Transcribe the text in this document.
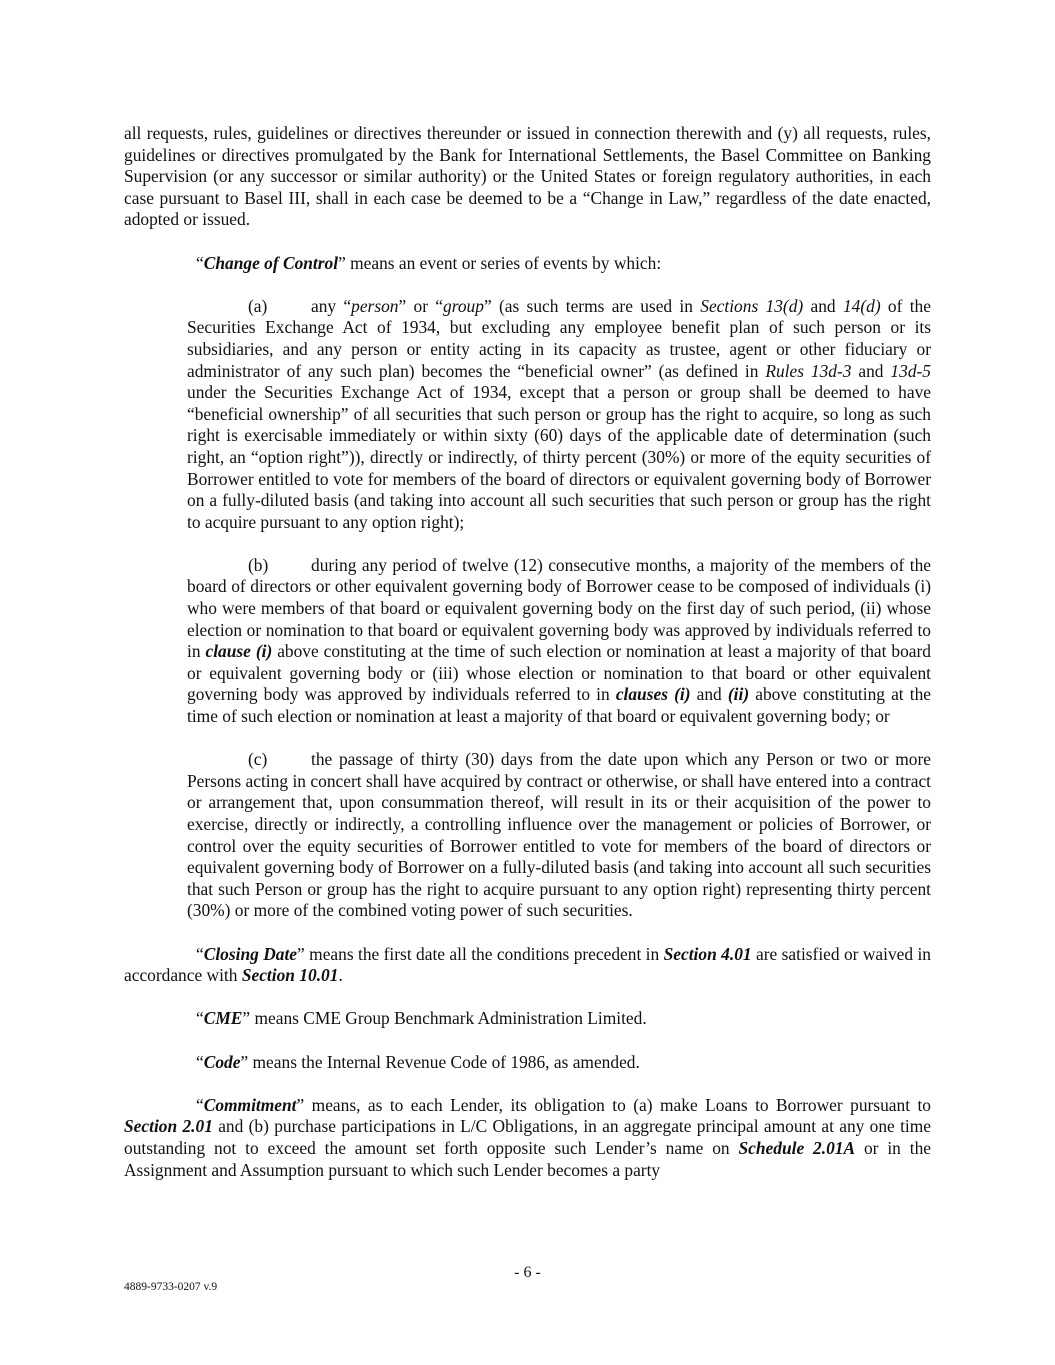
all requests, rules, guidelines or directives thereunder or issued in connection therewith and (y) all requests, rules, guidelines or directives promulgated by the Bank for International Settlements, the Basel Committee on Banking Supervision (or any successor or similar authority) or the United States or foreign regulatory authorities, in each case pursuant to Basel III, shall in each case be deemed to be a “Change in Law,” regardless of the date enacted, adopted or issued.

“Change of Control” means an event or series of events by which:

(a)	any “person” or “group” (as such terms are used in Sections 13(d) and 14(d) of the Securities Exchange Act of 1934, but excluding any employee benefit plan of such person or its subsidiaries, and any person or entity acting in its capacity as trustee, agent or other fiduciary or administrator of any such plan) becomes the “beneficial owner” (as defined in Rules 13d-3 and 13d-5 under the Securities Exchange Act of 1934, except that a person or group shall be deemed to have “beneficial ownership” of all securities that such person or group has the right to acquire, so long as such right is exercisable immediately or within sixty (60) days of the applicable date of determination (such right, an “option right”)), directly or indirectly, of thirty percent (30%) or more of the equity securities of Borrower entitled to vote for members of the board of directors or equivalent governing body of Borrower on a fully-diluted basis (and taking into account all such securities that such person or group has the right to acquire pursuant to any option right);

(b) during any period of twelve (12) consecutive months, a majority of the members of the board of directors or other equivalent governing body of Borrower cease to be composed of individuals (i) who were members of that board or equivalent governing body on the first day of such period, (ii) whose election or nomination to that board or equivalent governing body was approved by individuals referred to in clause (i) above constituting at the time of such election or nomination at least a majority of that board or equivalent governing body or (iii) whose election or nomination to that board or other equivalent governing body was approved by individuals referred to in clauses (i) and (ii) above constituting at the time of such election or nomination at least a majority of that board or equivalent governing body; or

(c)	the passage of thirty (30) days from the date upon which any Person or two or more Persons acting in concert shall have acquired by contract or otherwise, or shall have entered into a contract or arrangement that, upon consummation thereof, will result in its or their acquisition of the power to exercise, directly or indirectly, a controlling influence over the management or policies of Borrower, or control over the equity securities of Borrower entitled to vote for members of the board of directors or equivalent governing body of Borrower on a fully-diluted basis (and taking into account all such securities that such Person or group has the right to acquire pursuant to any option right) representing thirty percent (30%) or more of the combined voting power of such securities.

“Closing Date” means the first date all the conditions precedent in Section 4.01 are satisfied or waived in accordance with Section 10.01.

“CME” means CME Group Benchmark Administration Limited.

“Code” means the Internal Revenue Code of 1986, as amended.

“Commitment” means, as to each Lender, its obligation to (a) make Loans to Borrower pursuant to Section 2.01 and (b) purchase participations in L/C Obligations, in an aggregate principal amount at any one time outstanding not to exceed the amount set forth opposite such Lender’s name on Schedule 2.01A or in the Assignment and Assumption pursuant to which such Lender becomes a party

- 6 -
4889-9733-0207 v.9
